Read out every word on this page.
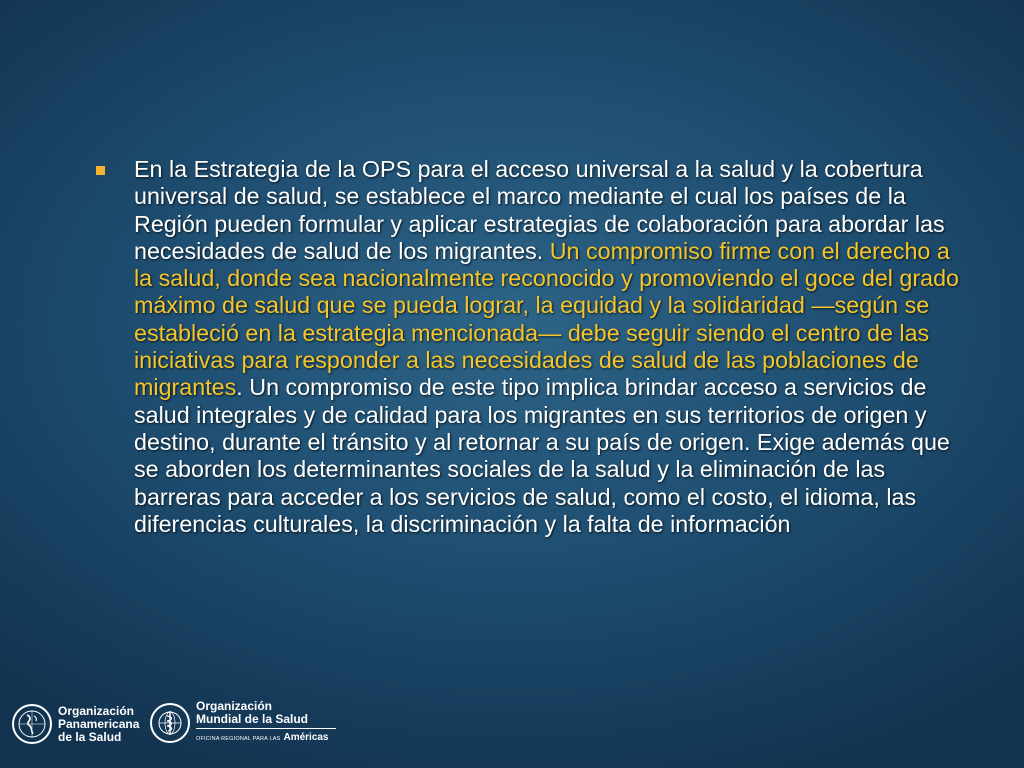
En la Estrategia de la OPS para el acceso universal a la salud y la cobertura universal de salud, se establece el marco mediante el cual los países de la Región pueden formular y aplicar estrategias de colaboración para abordar las necesidades de salud de los migrantes. Un compromiso firme con el derecho a la salud, donde sea nacionalmente reconocido y promoviendo el goce del grado máximo de salud que se pueda lograr, la equidad y la solidaridad —según se estableció en la estrategia mencionada— debe seguir siendo el centro de las iniciativas para responder a las necesidades de salud de las poblaciones de migrantes. Un compromiso de este tipo implica brindar acceso a servicios de salud integrales y de calidad para los migrantes en sus territorios de origen y destino, durante el tránsito y al retornar a su país de origen. Exige además que se aborden los determinantes sociales de la salud y la eliminación de las barreras para acceder a los servicios de salud, como el costo, el idioma, las diferencias culturales, la discriminación y la falta de información

Organización
Panamericana
de la Salud
Organización
Mundial de la Salud
OFICINA REGIONAL PARA LAS Américas
